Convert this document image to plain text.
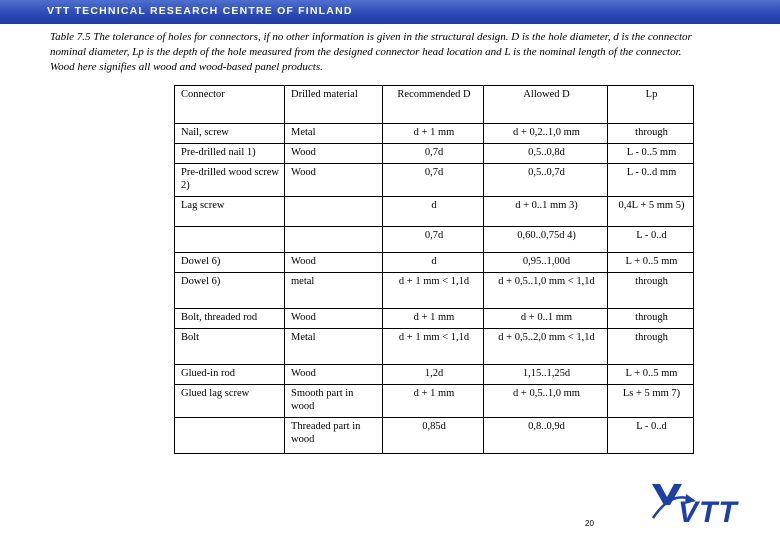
VTT TECHNICAL RESEARCH CENTRE OF FINLAND
Table 7.5 The tolerance of holes for connectors, if no other information is given in the structural design. D is the hole diameter, d is the connector
nominal diameter, Lp is the depth of the hole measured from the designed connector head location and L is the nominal length of the connector.
Wood here signifies all wood and wood-based panel products.
Connector	Drilled material	Recommended D	Allowed D	Lp
Nail, screw	Metal	d + 1 mm	d + 0,2..1,0 mm	through
Pre-drilled nail 1)	Wood	0,7d	0,5..0,8d	L - 0..5 mm
Pre-drilled wood screw 2)	Wood	0,7d	0,5..0,7d	L - 0..d mm
Lag screw		d	d + 0..1 mm 3)	0,4L + 5 mm 5)
		0,7d	0,60..0,75d 4)	L - 0..d
Dowel 6)	Wood	d	0,95..1,00d	L + 0..5 mm
Dowel 6)	metal	d + 1 mm < 1,1d	d + 0,5..1,0 mm < 1,1d	through
Bolt, threaded rod	Wood	d + 1 mm	d + 0..1 mm	through
Bolt	Metal	d + 1 mm < 1,1d	d + 0,5..2,0 mm < 1,1d	through
Glued-in rod	Wood	1,2d	1,15..1,25d	L + 0..5 mm
Glued lag screw	Smooth part in wood	d + 1 mm	d + 0,5..1,0 mm	Ls + 5 mm 7)
	Threaded part in wood	0,85d	0,8..0,9d	L - 0..d
20	VTT
